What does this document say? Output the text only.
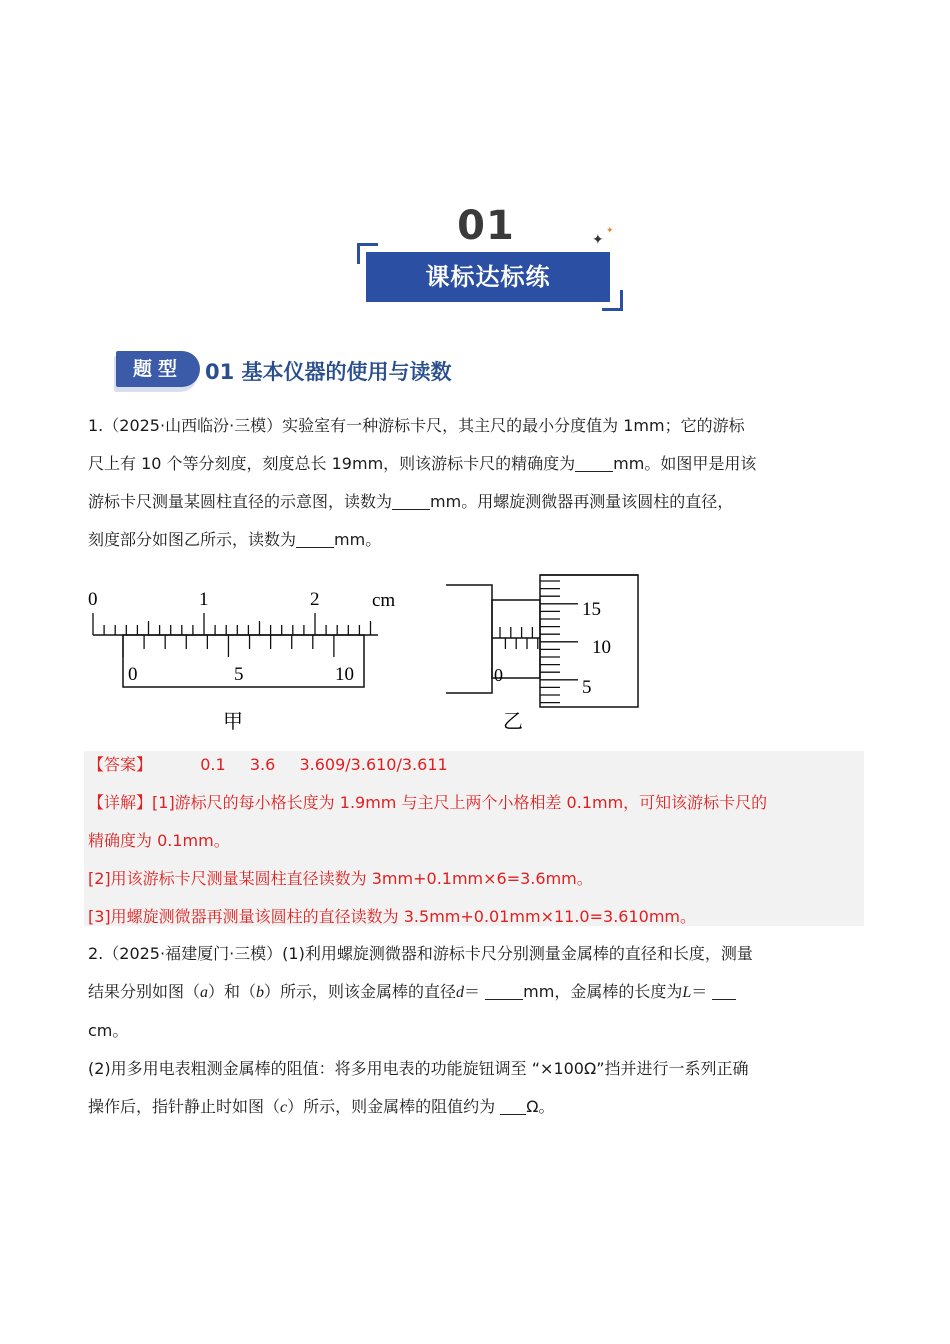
01
课标达标练
✦
✦
题型	01 基本仪器的使用与读数
1.（2025·山西临汾·三模）实验室有一种游标卡尺，其主尺的最小分度值为 1mm；它的游标
尺上有 10 个等分刻度，刻度总长 19mm，则该游标卡尺的精确度为 mm。如图甲是用该
游标卡尺测量某圆柱直径的示意图，读数为 mm。用螺旋测微器再测量该圆柱的直径，
刻度部分如图乙所示，读数为 mm。
0	1	2	cm
0	5	10
甲
0
15
10
5
乙
【答案】	0.1 3.6 3.609/3.610/3.611
【详解】[1]游标尺的每小格长度为 1.9mm 与主尺上两个小格相差 0.1mm，可知该游标卡尺的
精确度为 0.1mm。
[2]用该游标卡尺测量某圆柱直径读数为 3mm+0.1mm×6=3.6mm。
[3]用螺旋测微器再测量该圆柱的直径读数为 3.5mm+0.01mm×11.0=3.610mm。
2.（2025·福建厦门·三模）(1)利用螺旋测微器和游标卡尺分别测量金属棒的直径和长度，测量
结果分别如图（a）和（b）所示，则该金属棒的直径d＝	mm，金属棒的长度为L＝
cm。
(2)用多用电表粗测金属棒的阻值：将多用电表的功能旋钮调至 “×100Ω”挡并进行一系列正确
操作后，指针静止时如图（c）所示，则金属棒的阻值约为 Ω。
